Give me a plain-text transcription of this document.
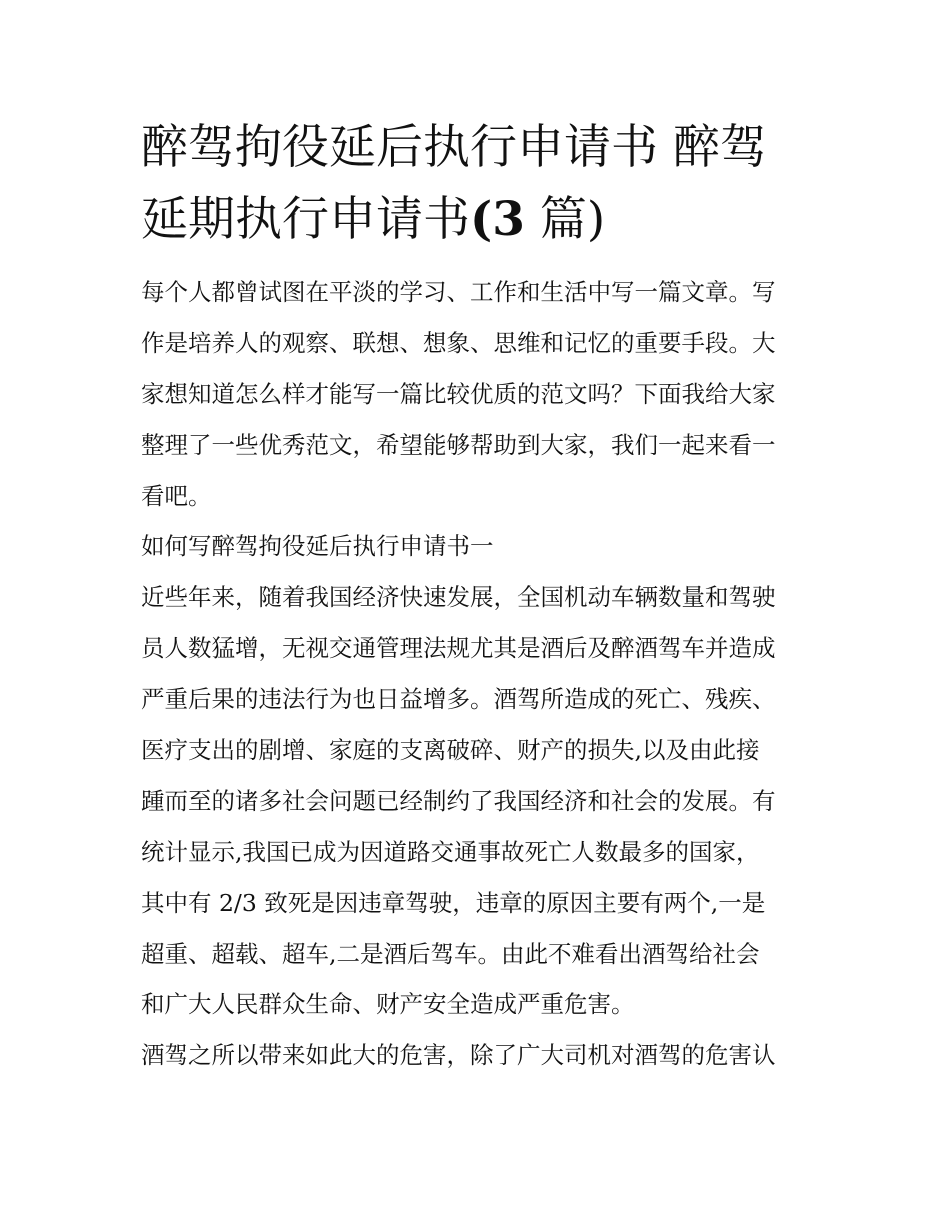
醉驾拘役延后执行申请书 醉驾
延期执行申请书(3 篇)
每个人都曾试图在平淡的学习、工作和生活中写一篇文章。写
作是培养人的观察、联想、想象、思维和记忆的重要手段。大
家想知道怎么样才能写一篇比较优质的范文吗？下面我给大家
整理了一些优秀范文，希望能够帮助到大家，我们一起来看一
看吧。
如何写醉驾拘役延后执行申请书一
近些年来，随着我国经济快速发展，全国机动车辆数量和驾驶
员人数猛增，无视交通管理法规尤其是酒后及醉酒驾车并造成
严重后果的违法行为也日益增多。酒驾所造成的死亡、残疾、
医疗支出的剧增、家庭的支离破碎、财产的损失,以及由此接
踵而至的诸多社会问题已经制约了我国经济和社会的发展。有
统计显示,我国已成为因道路交通事故死亡人数最多的国家，
其中有 2/3 致死是因违章驾驶，违章的原因主要有两个,一是
超重、超载、超车,二是酒后驾车。由此不难看出酒驾给社会
和广大人民群众生命、财产安全造成严重危害。
酒驾之所以带来如此大的危害，除了广大司机对酒驾的危害认
